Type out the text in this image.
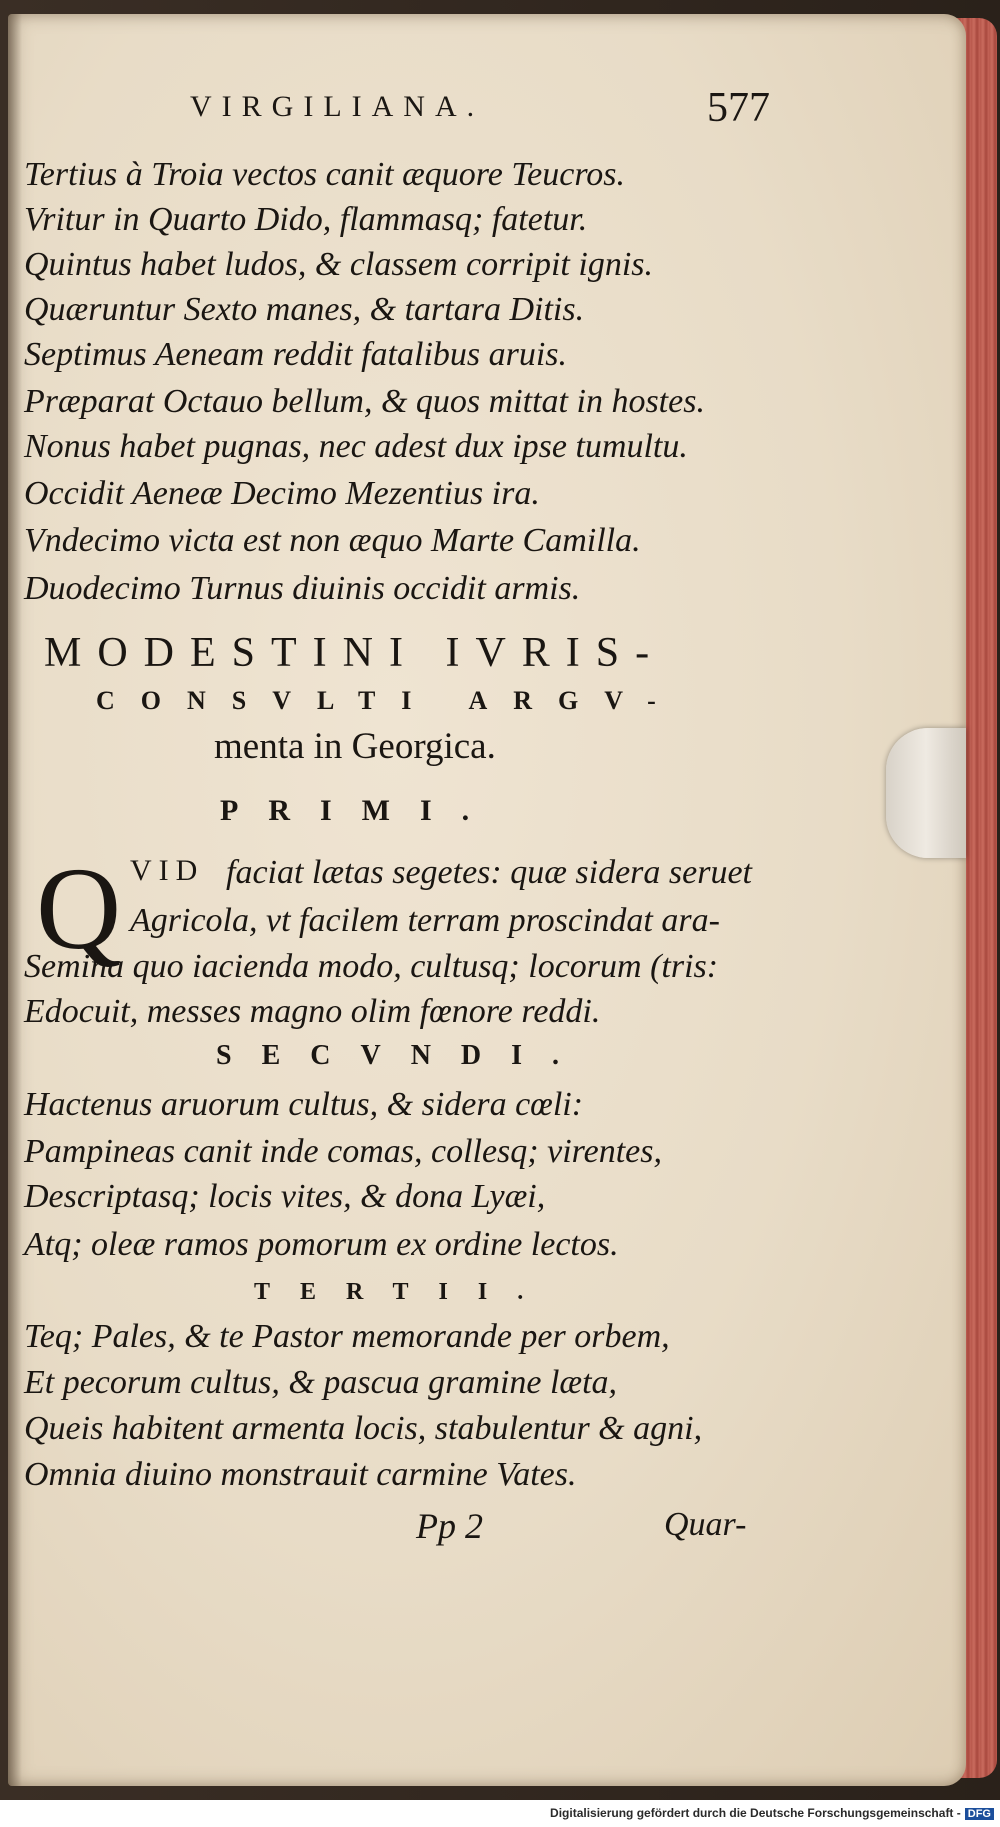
VIRGILIANA.	577

Tertius à Troia vectos canit æquore Teucros.

Vritur in Quarto Dido, flammasq; fatetur.

Quintus habet ludos, & classem corripit ignis.

Quæruntur Sexto manes, & tartara Ditis.

Septimus Aeneam reddit fatalibus aruis.

Præparat Octauo bellum, & quos mittat in hostes.

Nonus habet pugnas, nec adest dux ipse tumultu.

Occidit Aeneæ Decimo Mezentius ira.

Vndecimo victa est non æquo Marte Camilla.

Duodecimo Turnus diuinis occidit armis.

MODESTINI IVRIS-

CONSVLTI ARGV-

menta in Georgica.

PRIMI.

Q VID faciat lætas segetes: quæ sidera seruet

Agricola, vt facilem terram proscindat ara-

Semina quo iacienda modo, cultusq; locorum (tris:

Edocuit, messes magno olim fœnore reddi.

SECVNDI.

Hactenus aruorum cultus, & sidera cœli:

Pampineas canit inde comas, collesq; virentes,

Descriptasq; locis vites, & dona Lyæi,

Atq; oleæ ramos pomorum ex ordine lectos.

TERTII.

Teq; Pales, & te Pastor memorande per orbem,

Et pecorum cultus, & pascua gramine læta,

Queis habitent armenta locis, stabulentur & agni,

Omnia diuino monstrauit carmine Vates.

Pp 2	Quar-

Digitalisierung gefördert durch die Deutsche Forschungsgemeinschaft - DFG
